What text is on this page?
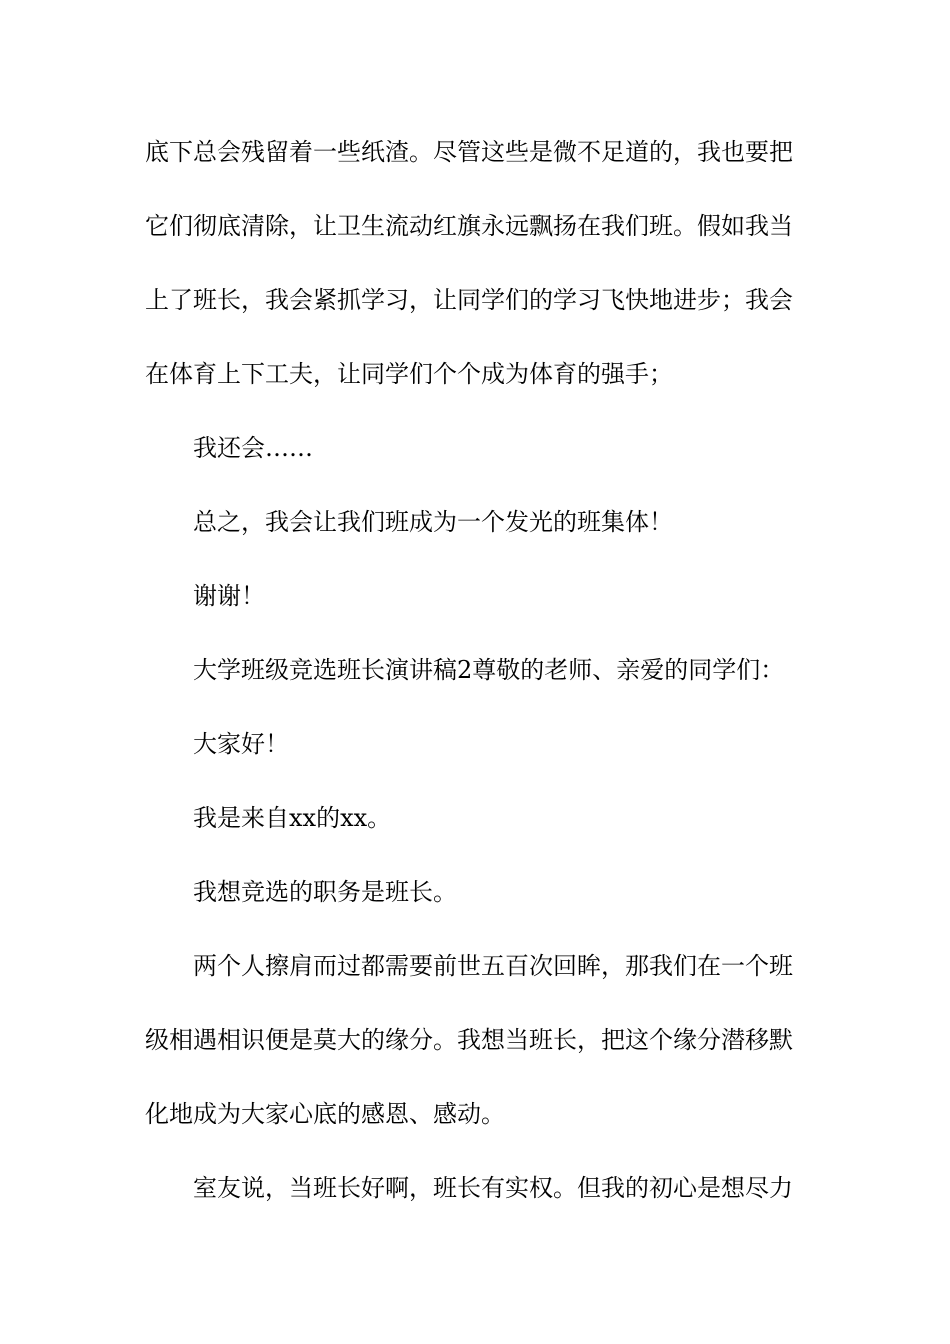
底下总会残留着一些纸渣。尽管这些是微不足道的，我也要把
它们彻底清除，让卫生流动红旗永远飘扬在我们班。假如我当
上了班长，我会紧抓学习，让同学们的学习飞快地进步；我会
在体育上下工夫，让同学们个个成为体育的强手；
我还会……
总之，我会让我们班成为一个发光的班集体！
谢谢！
大学班级竞选班长演讲稿2尊敬的老师、亲爱的同学们：
大家好！
我是来自xx的xx。
我想竞选的职务是班长。
两个人擦肩而过都需要前世五百次回眸，那我们在一个班
级相遇相识便是莫大的缘分。我想当班长，把这个缘分潜移默
化地成为大家心底的感恩、感动。
室友说，当班长好啊，班长有实权。但我的初心是想尽力
